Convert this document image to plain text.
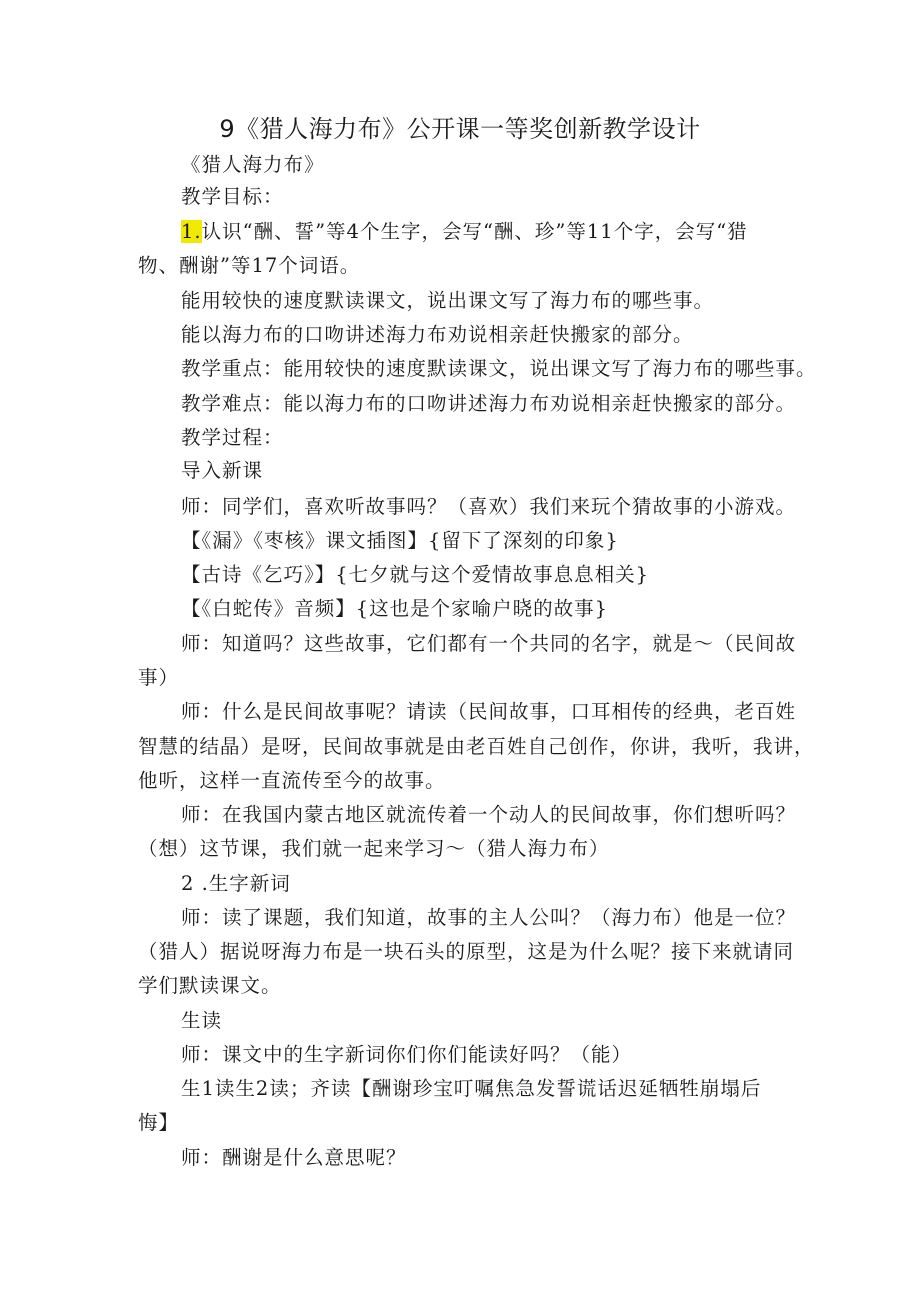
9《猎人海力布》公开课一等奖创新教学设计
《猎人海力布》
教学目标：
1.认识“酬、誓”等4个生字，会写“酬、珍”等11个字，会写“猎
物、酬谢”等17个词语。
能用较快的速度默读课文，说出课文写了海力布的哪些事。
能以海力布的口吻讲述海力布劝说相亲赶快搬家的部分。
教学重点：能用较快的速度默读课文，说出课文写了海力布的哪些事。
教学难点：能以海力布的口吻讲述海力布劝说相亲赶快搬家的部分。
教学过程：
导入新课
师：同学们，喜欢听故事吗？（喜欢）我们来玩个猜故事的小游戏。
【《漏》《枣核》课文插图】{留下了深刻的印象}
【古诗《乞巧》】{七夕就与这个爱情故事息息相关}
【《白蛇传》音频】{这也是个家喻户晓的故事}
师：知道吗？这些故事，它们都有一个共同的名字，就是～（民间故
事）
师：什么是民间故事呢？请读（民间故事，口耳相传的经典，老百姓
智慧的结晶）是呀，民间故事就是由老百姓自己创作，你讲，我听，我讲，
他听，这样一直流传至今的故事。
师：在我国内蒙古地区就流传着一个动人的民间故事，你们想听吗？
（想）这节课，我们就一起来学习～（猎人海力布）
2 .生字新词
师：读了课题，我们知道，故事的主人公叫？（海力布）他是一位？
（猎人）据说呀海力布是一块石头的原型，这是为什么呢？接下来就请同
学们默读课文。
生读
师：课文中的生字新词你们你们能读好吗？（能）
生1读生2读；齐读【酬谢珍宝叮嘱焦急发誓谎话迟延牺牲崩塌后
悔】
师：酬谢是什么意思呢？
